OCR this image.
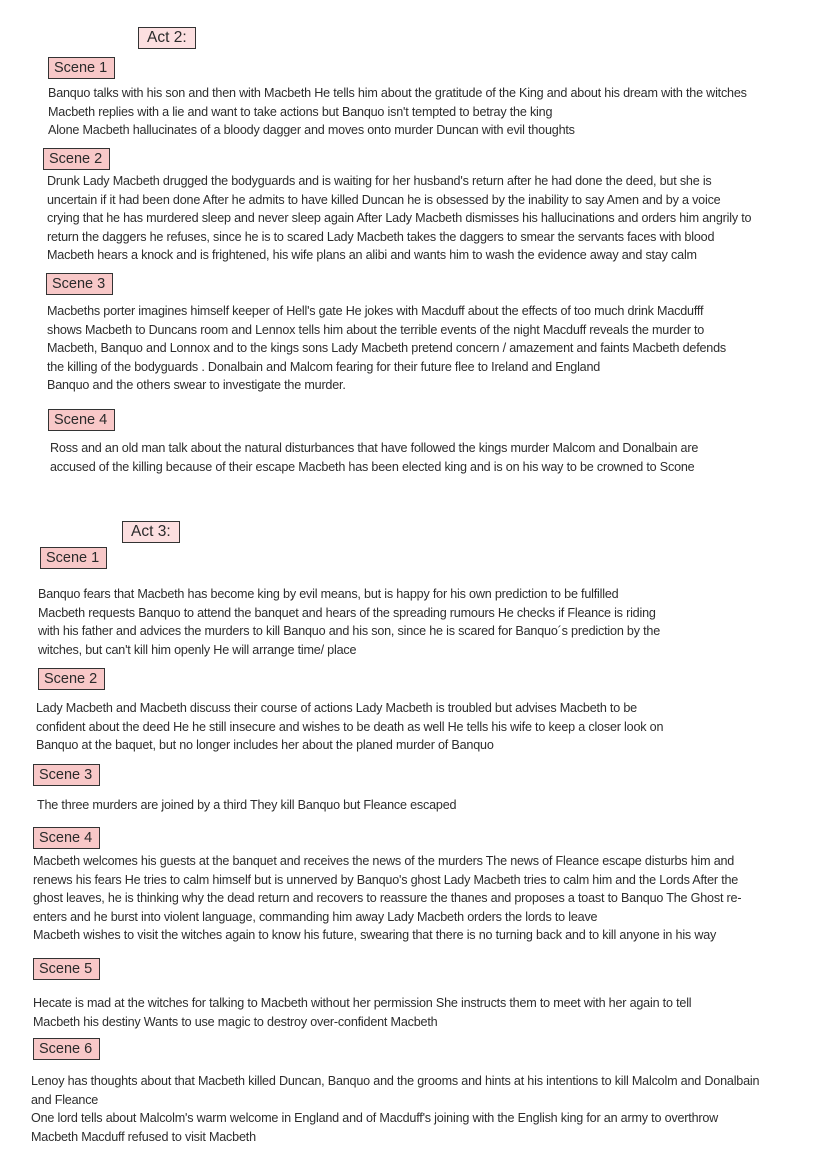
Act 2:
Scene 1
Banquo talks with his son and then with Macbeth He tells him about the gratitude of the King and about his dream with the witches
Macbeth replies with a lie and want to take actions but Banquo isn't tempted to betray the king
Alone Macbeth hallucinates of a bloody dagger and moves onto murder Duncan with evil thoughts
Scene 2
Drunk Lady Macbeth drugged the bodyguards and is waiting for her husband's return after he had done the deed, but she is
uncertain if it had been done After he admits to have killed Duncan he is obsessed by the inability to say Amen and by a voice
crying that he has murdered sleep and never sleep again After Lady Macbeth dismisses his hallucinations and orders him angrily to
return the daggers he refuses, since he is to scared Lady Macbeth takes the daggers to smear the servants faces with blood
Macbeth hears a knock and is frightened, his wife plans an alibi and wants him to wash the evidence away and stay calm
Scene 3
Macbeths porter imagines himself keeper of Hell's gate He jokes with Macduff about the effects of too much drink Macdufff
shows Macbeth to Duncans room and Lennox tells him about the terrible events of the night Macduff reveals the murder to
Macbeth, Banquo and Lonnox and to the kings sons Lady Macbeth pretend concern / amazement and faints Macbeth defends
the killing of the bodyguards . Donalbain and Malcom fearing for their future flee to Ireland and England
Banquo and the others swear to investigate the murder.
Scene 4
Ross and an old man talk about the natural disturbances that have followed the kings murder Malcom and Donalbain are
accused of the killing because of their escape Macbeth has been elected king and is on his way to be crowned to Scone
Act 3:
Scene 1
Banquo fears that Macbeth has become king by evil means, but is happy for his own prediction to be fulfilled
Macbeth requests Banquo to attend the banquet and hears of the spreading rumours He checks if Fleance is riding
with his father and advices the murders to kill Banquo and his son, since he is scared for Banquo´s prediction by the
witches, but can't kill him openly He will arrange time/ place
Scene 2
Lady Macbeth and Macbeth discuss their course of actions Lady Macbeth is troubled but advises Macbeth to be
confident about the deed He he still insecure and wishes to be death as well He tells his wife to keep a closer look on
Banquo at the baquet, but no longer includes her about the planed murder of Banquo
Scene 3
The three murders are joined by a third They kill Banquo but Fleance escaped
Scene 4
Macbeth welcomes his guests at the banquet and receives the news of the murders The news of Fleance escape disturbs him and
renews his fears He tries to calm himself but is unnerved by Banquo's ghost Lady Macbeth tries to calm him and the Lords After the
ghost leaves, he is thinking why the dead return and recovers to reassure the thanes and proposes a toast to Banquo The Ghost re-
enters and he burst into violent language, commanding him away Lady Macbeth orders the lords to leave
Macbeth wishes to visit the witches again to know his future, swearing that there is no turning back and to kill anyone in his way
Scene 5
Hecate is mad at the witches for talking to Macbeth without her permission She instructs them to meet with her again to tell
Macbeth his destiny Wants to use magic to destroy over-confident Macbeth
Scene 6
Lenoy has thoughts about that Macbeth killed Duncan, Banquo and the grooms and hints at his intentions to kill Malcolm and Donalbain
and Fleance
One lord tells about Malcolm's warm welcome in England and of Macduff's joining with the English king for an army to overthrow
Macbeth Macduff refused to visit Macbeth
